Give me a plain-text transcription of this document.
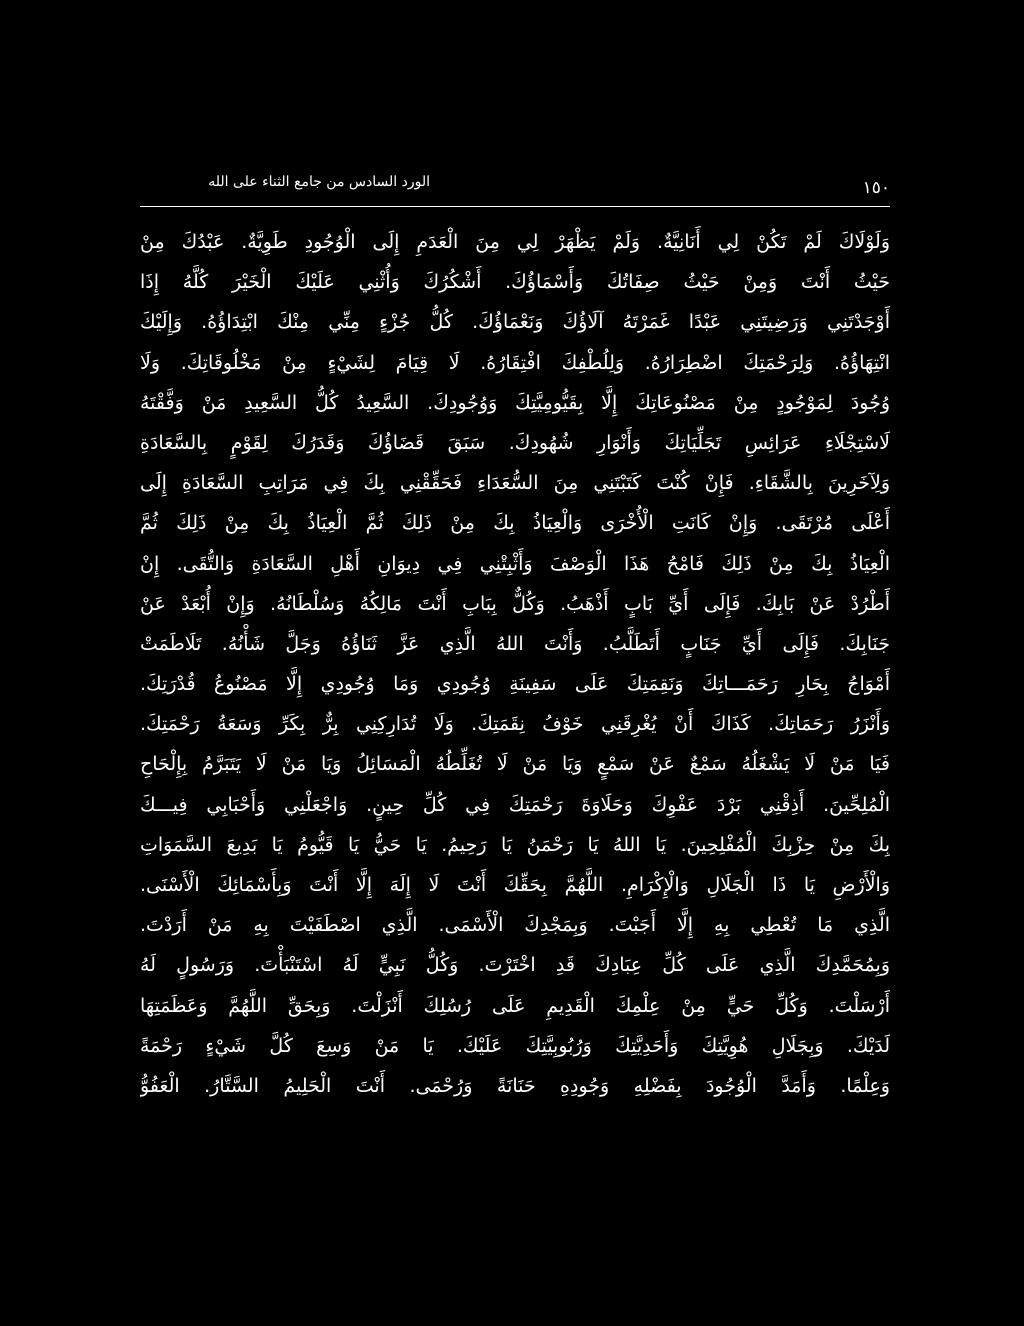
الورد السادس من جامع الثناء على الله	١٥٠
وَلَوْلَاكَ لَمْ تَكُنْ لِي أَنَانِيَّةٌ. وَلَمْ يَظْهَرْ لِي مِنَ الْعَدَمِ إِلَى الْوُجُودِ طَوِيَّةٌ. عَبْدُكَ مِنْ
حَيْثُ أَنْتَ وَمِنْ حَيْثُ صِفَاتُكَ وَأَسْمَاؤُكَ. أَشْكُرُكَ وَأُثْنِي عَلَيْكَ الْخَيْرَ كُلَّهُ إِذَا
أَوْجَدْتَنِي وَرَضِيتَنِي عَبْدًا غَمَرْتَهُ آلَاؤُكَ وَنَعْمَاؤُكَ. كُلُّ جُزْءٍ مِنِّي مِنْكَ ابْتِدَاؤُهُ. وَإِلَيْكَ
انْتِهَاؤُهُ. وَلِرَحْمَتِكَ اضْطِرَارُهُ. وَلِلُطْفِكَ افْتِقَارُهُ. لَا قِيَامَ لِشَيْءٍ مِنْ مَخْلُوقَاتِكَ. وَلَا
وُجُودَ لِمَوْجُودٍ مِنْ مَصْنُوعَاتِكَ إِلَّا بِقَيُّومِيَّتِكَ وَوُجُودِكَ. السَّعِيدُ كُلُّ السَّعِيدِ مَنْ وَفَّقْتَهُ
لَاسْتِجْلَاءِ عَرَائِسِ تَجَلِّيَاتِكَ وَأَنْوَارِ شُهُودِكَ. سَبَقَ قَضَاؤُكَ وَقَدَرُكَ لِقَوْمٍ بِالسَّعَادَةِ
وَلِآخَرِينَ بِالشَّقَاءِ. فَإِنْ كُنْتَ كَتَبْتَنِي مِنَ السُّعَدَاءِ فَحَقِّقْنِي بِكَ فِي مَرَاتِبِ السَّعَادَةِ إِلَى
أَعْلَى مُرْتَقَى. وَإِنْ كَانَتِ الْأُخْرَى وَالْعِيَاذُ بِكَ مِنْ ذَلِكَ ثُمَّ الْعِيَاذُ بِكَ مِنْ ذَلِكَ ثُمَّ
الْعِيَاذُ بِكَ مِنْ ذَلِكَ فَامْحُ هَذَا الْوَصْفَ وَأَثْبِتْنِي فِي دِيوَانِ أَهْلِ السَّعَادَةِ وَالتُّقَى. إِنْ
أَطْرُدْ عَنْ بَابِكَ. فَإِلَى أَيِّ بَابٍ أَذْهَبُ. وَكُلٌّ بِبَابِ أَنْتَ مَالِكُهُ وَسُلْطَانُهُ. وَإِنْ أُبْعَدْ عَنْ
جَنَابِكَ. فَإِلَى أَيِّ جَنَابٍ أَتَطَلَّبُ. وَأَنْتَ اللهُ الَّذِي عَزَّ ثَنَاؤُهُ وَجَلَّ شَأْنُهُ. تَلَاطَمَتْ
أَمْوَاجُ بِحَارِ رَحَمَـــاتِكَ وَنَقِمَتِكَ عَلَى سَفِينَةِ وُجُودِي وَمَا وُجُودِي إِلَّا مَصْنُوعُ قُدْرَتِكَ.
وَأَنْزَرُ رَحَمَاتِكَ. كَذَاكَ أَنْ يُغْرِقَنِي خَوْفُ نِقَمَتِكَ. وَلَا تُدَارِكِنِي بِرٌّ بِكَرِّ وَسَعَةُ رَحْمَتِكَ.
فَيَا مَنْ لَا يَشْغَلُهُ سَمْعٌ عَنْ سَمْعٍ وَيَا مَنْ لَا تُغَلِّطُهُ الْمَسَائِلُ وَيَا مَنْ لَا يَتَبَرَّمُ بِإِلْحَاحِ
الْمُلِحِّينَ. أَذِقْنِي بَرْدَ عَفْوِكَ وَحَلَاوَةَ رَحْمَتِكَ فِي كُلِّ حِينٍ. وَاجْعَلْنِي وَأَحْبَابِي فِيـــكَ
بِكَ مِنْ حِزْبِكَ الْمُفْلِحِينَ. يَا اللهُ يَا رَحْمَنُ يَا رَحِيمُ. يَا حَيُّ يَا قَيُّومُ يَا بَدِيعَ السَّمَوَاتِ
وَالْأَرْضِ يَا ذَا الْجَلَالِ وَالْإِكْرَامِ. اللَّهُمَّ بِحَقِّكَ أَنْتَ لَا إِلَهَ إِلَّا أَنْتَ وَبِأَسْمَائِكَ الْأَسْنَى.
الَّذِي مَا تُعْطِي بِهِ إِلَّا أَجَبْتَ. وَبِمَجْدِكَ الْأَسْمَى. الَّذِي اصْطَفَيْتَ بِهِ مَنْ أَرَدْتَ.
وَبِمُحَمَّدِكَ الَّذِي عَلَى كُلِّ عِبَادِكَ قَدِ اخْتَرْتَ. وَكُلُّ نَبِيٍّ لَهُ اسْتَنْبَأْتَ. وَرَسُولٍ لَهُ
أَرْسَلْتَ. وَكُلِّ حَيٍّ مِنْ عِلْمِكَ الْقَدِيمِ عَلَى رُسُلِكَ أَنْزَلْتَ. وَبِحَقِّ اللَّهُمَّ وَعَظَمَتِهَا
لَدَيْكَ. وَبِجَلَالِ هُوِيَّتِكَ وَأَحَدِيَّتِكَ وَرُبُوبِيَّتِكَ عَلَيْكَ. يَا مَنْ وَسِعَ كُلَّ شَيْءٍ رَحْمَةً
وَعِلْمًا. وَأَمَدَّ الْوُجُودَ بِفَضْلِهِ وَجُودِهِ حَنَانَةً وَرُحْمَى. أَنْتَ الْحَلِيمُ السَّتَّارُ. الْعَفُوُّ
